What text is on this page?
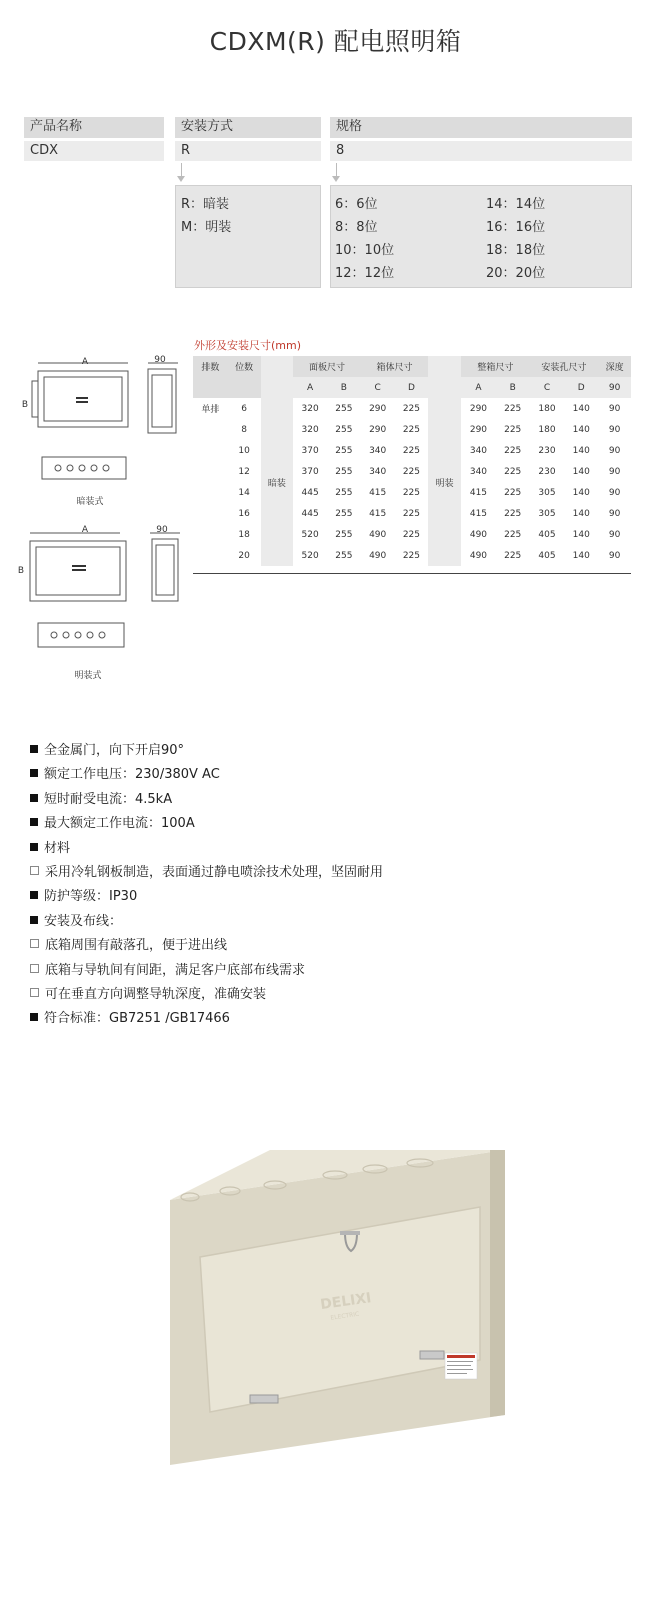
CDXM(R) 配电照明箱
产品名称	安装方式	规格
CDX	R	8
R：暗装
M：明装
6：6位	14：14位
8：8位	16：16位
10：10位	18：18位
12：12位	20：20位
A	90
B
暗装式
A	90
B
明装式
外形及安装尺寸(mm)
排数	位数		面板尺寸		箱体尺寸			整箱尺寸		安装孔尺寸		深度
			A	B	C	D		A	B	C	D	90
单排	6	暗装	320	255	290	225	明装	290	225	180	140	90
	8		320	255	290	225		290	225	180	140	90
	10		370	255	340	225		340	225	230	140	90
	12		370	255	340	225		340	225	230	140	90
	14		445	255	415	225		415	225	305	140	90
	16		445	255	415	225		415	225	305	140	90
	18		520	255	490	225		490	225	405	140	90
	20		520	255	490	225		490	225	405	140	90
全金属门，向下开启90°
额定工作电压：230/380V AC
短时耐受电流：4.5kA
最大额定工作电流：100A
材料
采用冷轧钢板制造，表面通过静电喷涂技术处理，坚固耐用
防护等级：IP30
安装及布线：
底箱周围有敲落孔，便于进出线
底箱与导轨间有间距，满足客户底部布线需求
可在垂直方向调整导轨深度，准确安装
符合标准：GB7251 /GB17466
DELIXI
ELECTRIC
